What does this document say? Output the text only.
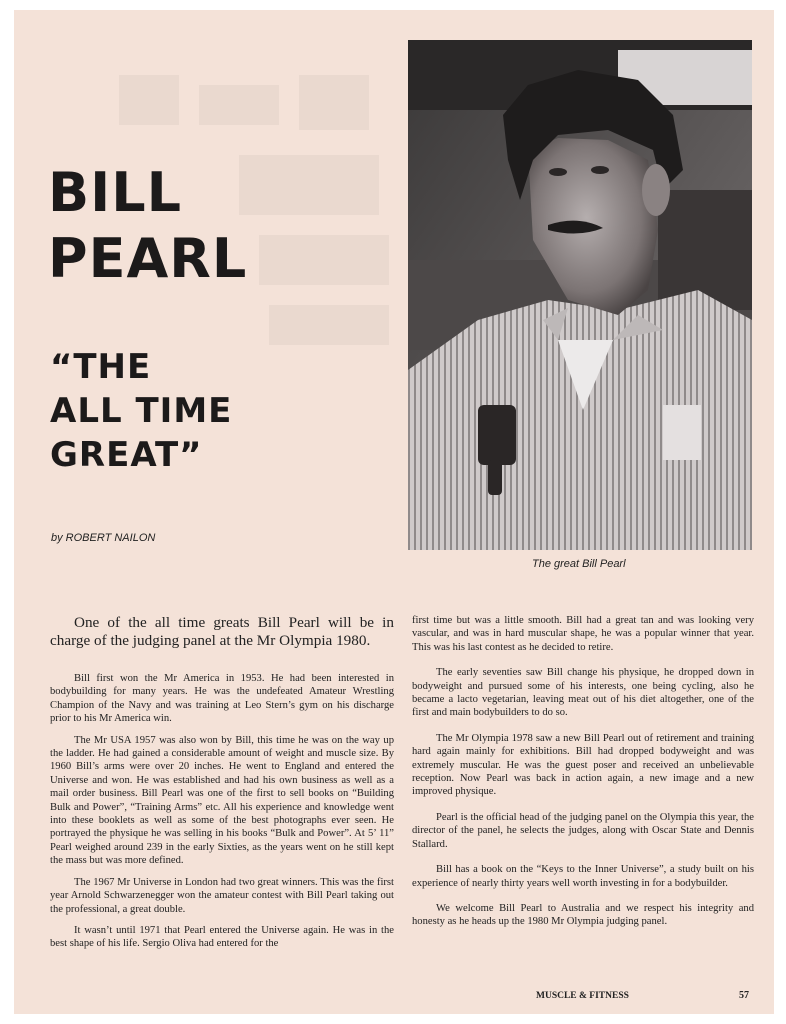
BILL
PEARL
“THE
ALL TIME
GREAT”
by ROBERT NAILON
The great Bill Pearl

One of the all time greats Bill Pearl will be in charge of the judging panel at the Mr Olympia 1980.

Bill first won the Mr America in 1953. He had been interested in bodybuilding for many years. He was the undefeated Amateur Wrestling Champion of the Navy and was training at Leo Stern’s gym on his discharge prior to his Mr America win.

The Mr USA 1957 was also won by Bill, this time he was on the way up the ladder. He had gained a considerable amount of weight and muscle size. By 1960 Bill’s arms were over 20 inches. He went to England and entered the Universe and won. He was established and had his own business as well as a mail order business. Bill Pearl was one of the first to sell books on “Building Bulk and Power”, “Training Arms” etc. All his experience and knowledge went into these booklets as well as some of the best photographs ever seen. He portrayed the physique he was selling in his books “Bulk and Power”. At 5’ 11” Pearl weighed around 239 in the early Sixties, as the years went on he still kept the mass but was more defined.

The 1967 Mr Universe in London had two great winners. This was the first year Arnold Schwarzenegger won the amateur contest with Bill Pearl taking out the professional, a great double.

It wasn’t until 1971 that Pearl entered the Universe again. He was in the best shape of his life. Sergio Oliva had entered for the

first time but was a little smooth. Bill had a great tan and was looking very vascular, and was in hard muscular shape, he was a popular winner that year. This was his last contest as he decided to retire.

The early seventies saw Bill change his physique, he dropped down in bodyweight and pursued some of his interests, one being cycling, also he became a lacto vegetarian, leaving meat out of his diet altogether, one of the first and main bodybuilders to do so.

The Mr Olympia 1978 saw a new Bill Pearl out of retirement and training hard again mainly for exhibitions. Bill had dropped bodyweight and was extremely muscular. He was the guest poser and received an unbelievable reception. Now Pearl was back in action again, a new image and a new improved physique.

Pearl is the official head of the judging panel on the Olympia this year, the director of the panel, he selects the judges, along with Oscar State and Dennis Stallard.

Bill has a book on the “Keys to the Inner Universe”, a study built on his experience of nearly thirty years well worth investing in for a bodybuilder.

We welcome Bill Pearl to Australia and we respect his integrity and honesty as he heads up the 1980 Mr Olympia judging panel.

MUSCLE & FITNESS	57
